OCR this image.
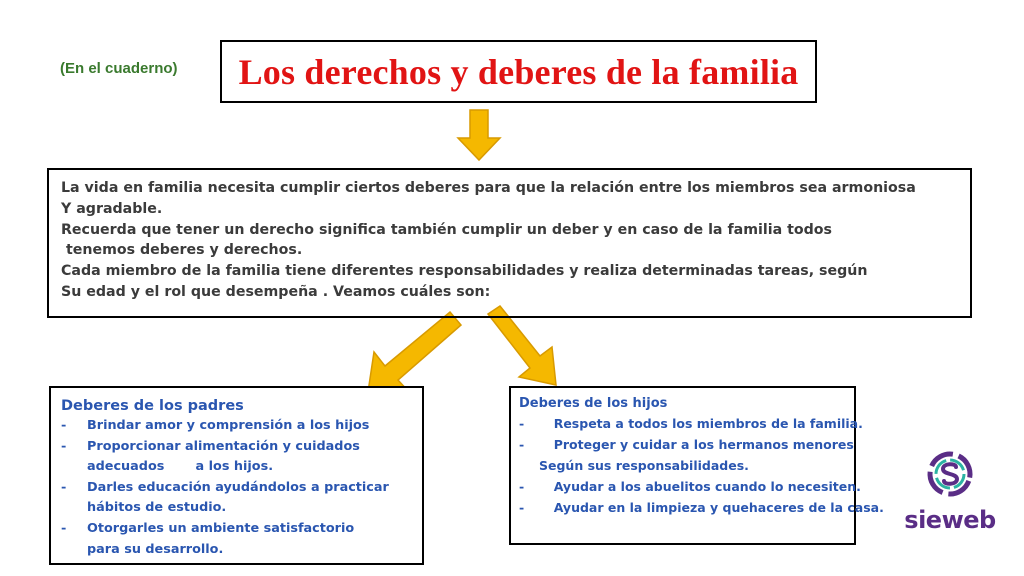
(En el cuaderno) Los derechos y deberes de la familia
La vida en familia necesita cumplir ciertos deberes para que la relación entre los miembros sea armoniosa
Y agradable.
Recuerda que tener un derecho significa también cumplir un deber y en caso de la familia todos
tenemos deberes y derechos.
Cada miembro de la familia tiene diferentes responsabilidades y realiza determinadas tareas, según
Su edad y el rol que desempeña . Veamos cuáles son:
Deberes de los padres
-	Brindar amor y comprensión a los hijos
-	Proporcionar alimentación y cuidados
adecuados       a los hijos.
-	Darles educación ayudándolos a practicar
hábitos de estudio.
-	Otorgarles un ambiente satisfactorio
para su desarrollo.
Deberes de los hijos
-	Respeta a todos los miembros de la familia.
-	Proteger y cuidar a los hermanos menores
Según sus responsabilidades.
-	Ayudar a los abuelitos cuando lo necesiten.
-	Ayudar en la limpieza y quehaceres de la casa. sieweb
